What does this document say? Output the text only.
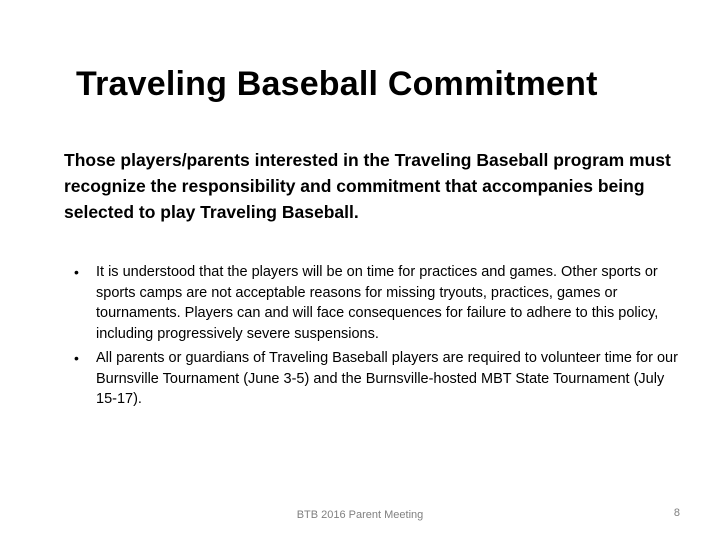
Traveling Baseball Commitment
Those players/parents interested in the Traveling Baseball program must recognize the responsibility and commitment that accompanies being selected to play Traveling Baseball.
•	It is understood that the players will be on time for practices and games. Other sports or sports camps are not acceptable reasons for missing tryouts, practices, games or tournaments. Players can and will face consequences for failure to adhere to this policy, including progressively severe suspensions.
•	All parents or guardians of Traveling Baseball players are required to volunteer time for our Burnsville Tournament (June 3-5) and the Burnsville-hosted MBT State Tournament (July 15-17).
BTB 2016 Parent Meeting	8
